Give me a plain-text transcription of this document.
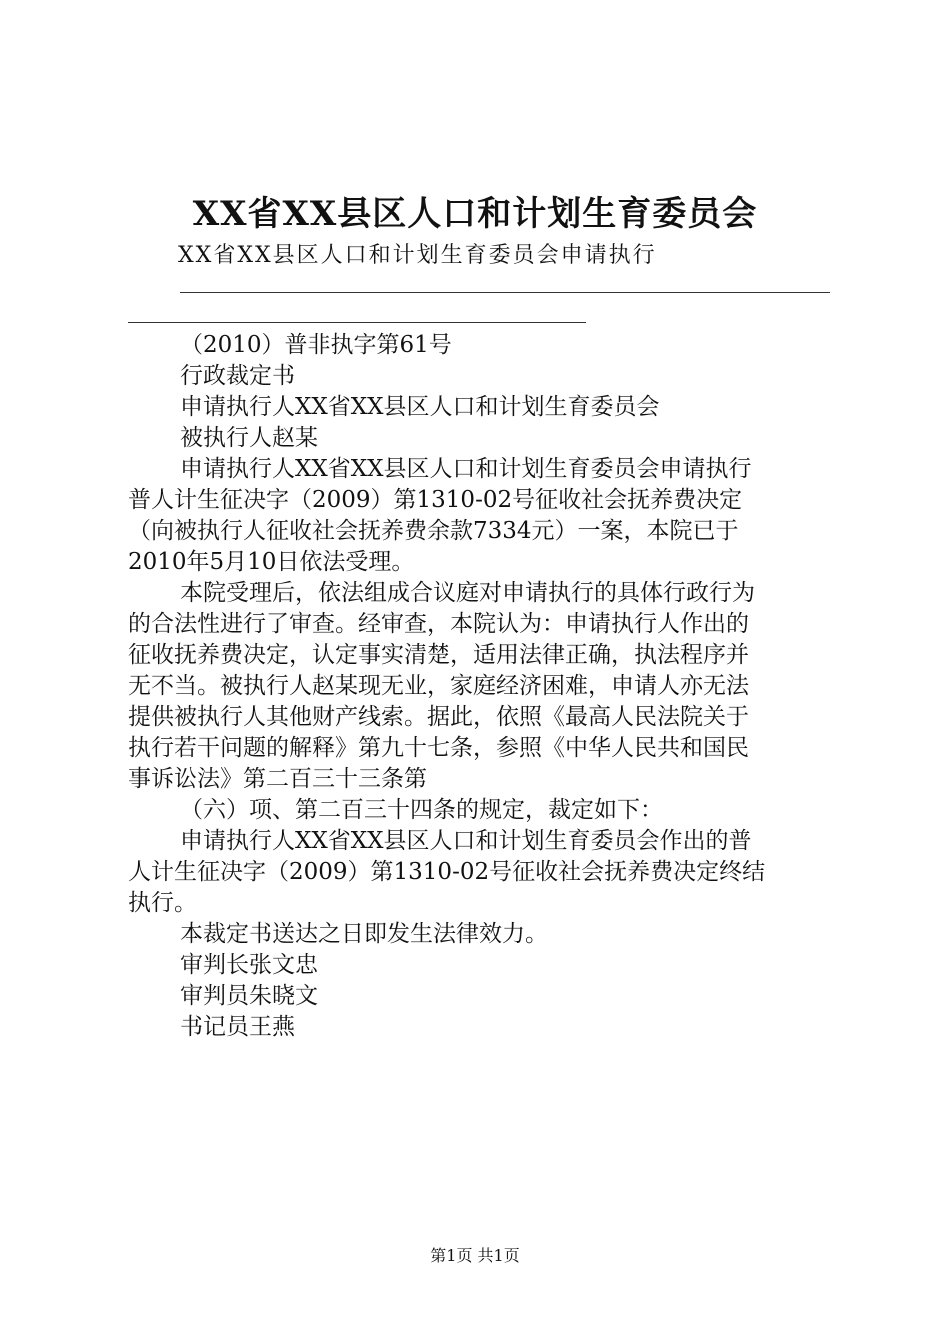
XX省XX县区人口和计划生育委员会
XX省XX县区人口和计划生育委员会申请执行

（2010）普非执字第61号

行政裁定书

申请执行人XX省XX县区人口和计划生育委员会

被执行人赵某

申请执行人XX省XX县区人口和计划生育委员会申请执行

普人计生征决字（2009）第1310-02号征收社会抚养费决定

（向被执行人征收社会抚养费余款7334元）一案，本院已于

2010年5月10日依法受理。

本院受理后，依法组成合议庭对申请执行的具体行政行为

的合法性进行了审查。经审查，本院认为：申请执行人作出的

征收抚养费决定，认定事实清楚，适用法律正确，执法程序并

无不当。被执行人赵某现无业，家庭经济困难，申请人亦无法

提供被执行人其他财产线索。据此，依照《最高人民法院关于

执行若干问题的解释》第九十七条，参照《中华人民共和国民

事诉讼法》第二百三十三条第

（六）项、第二百三十四条的规定，裁定如下：

申请执行人XX省XX县区人口和计划生育委员会作出的普

人计生征决字（2009）第1310-02号征收社会抚养费决定终结

执行。

本裁定书送达之日即发生法律效力。

审判长张文忠

审判员朱晓文

书记员王燕

第1页 共1页
